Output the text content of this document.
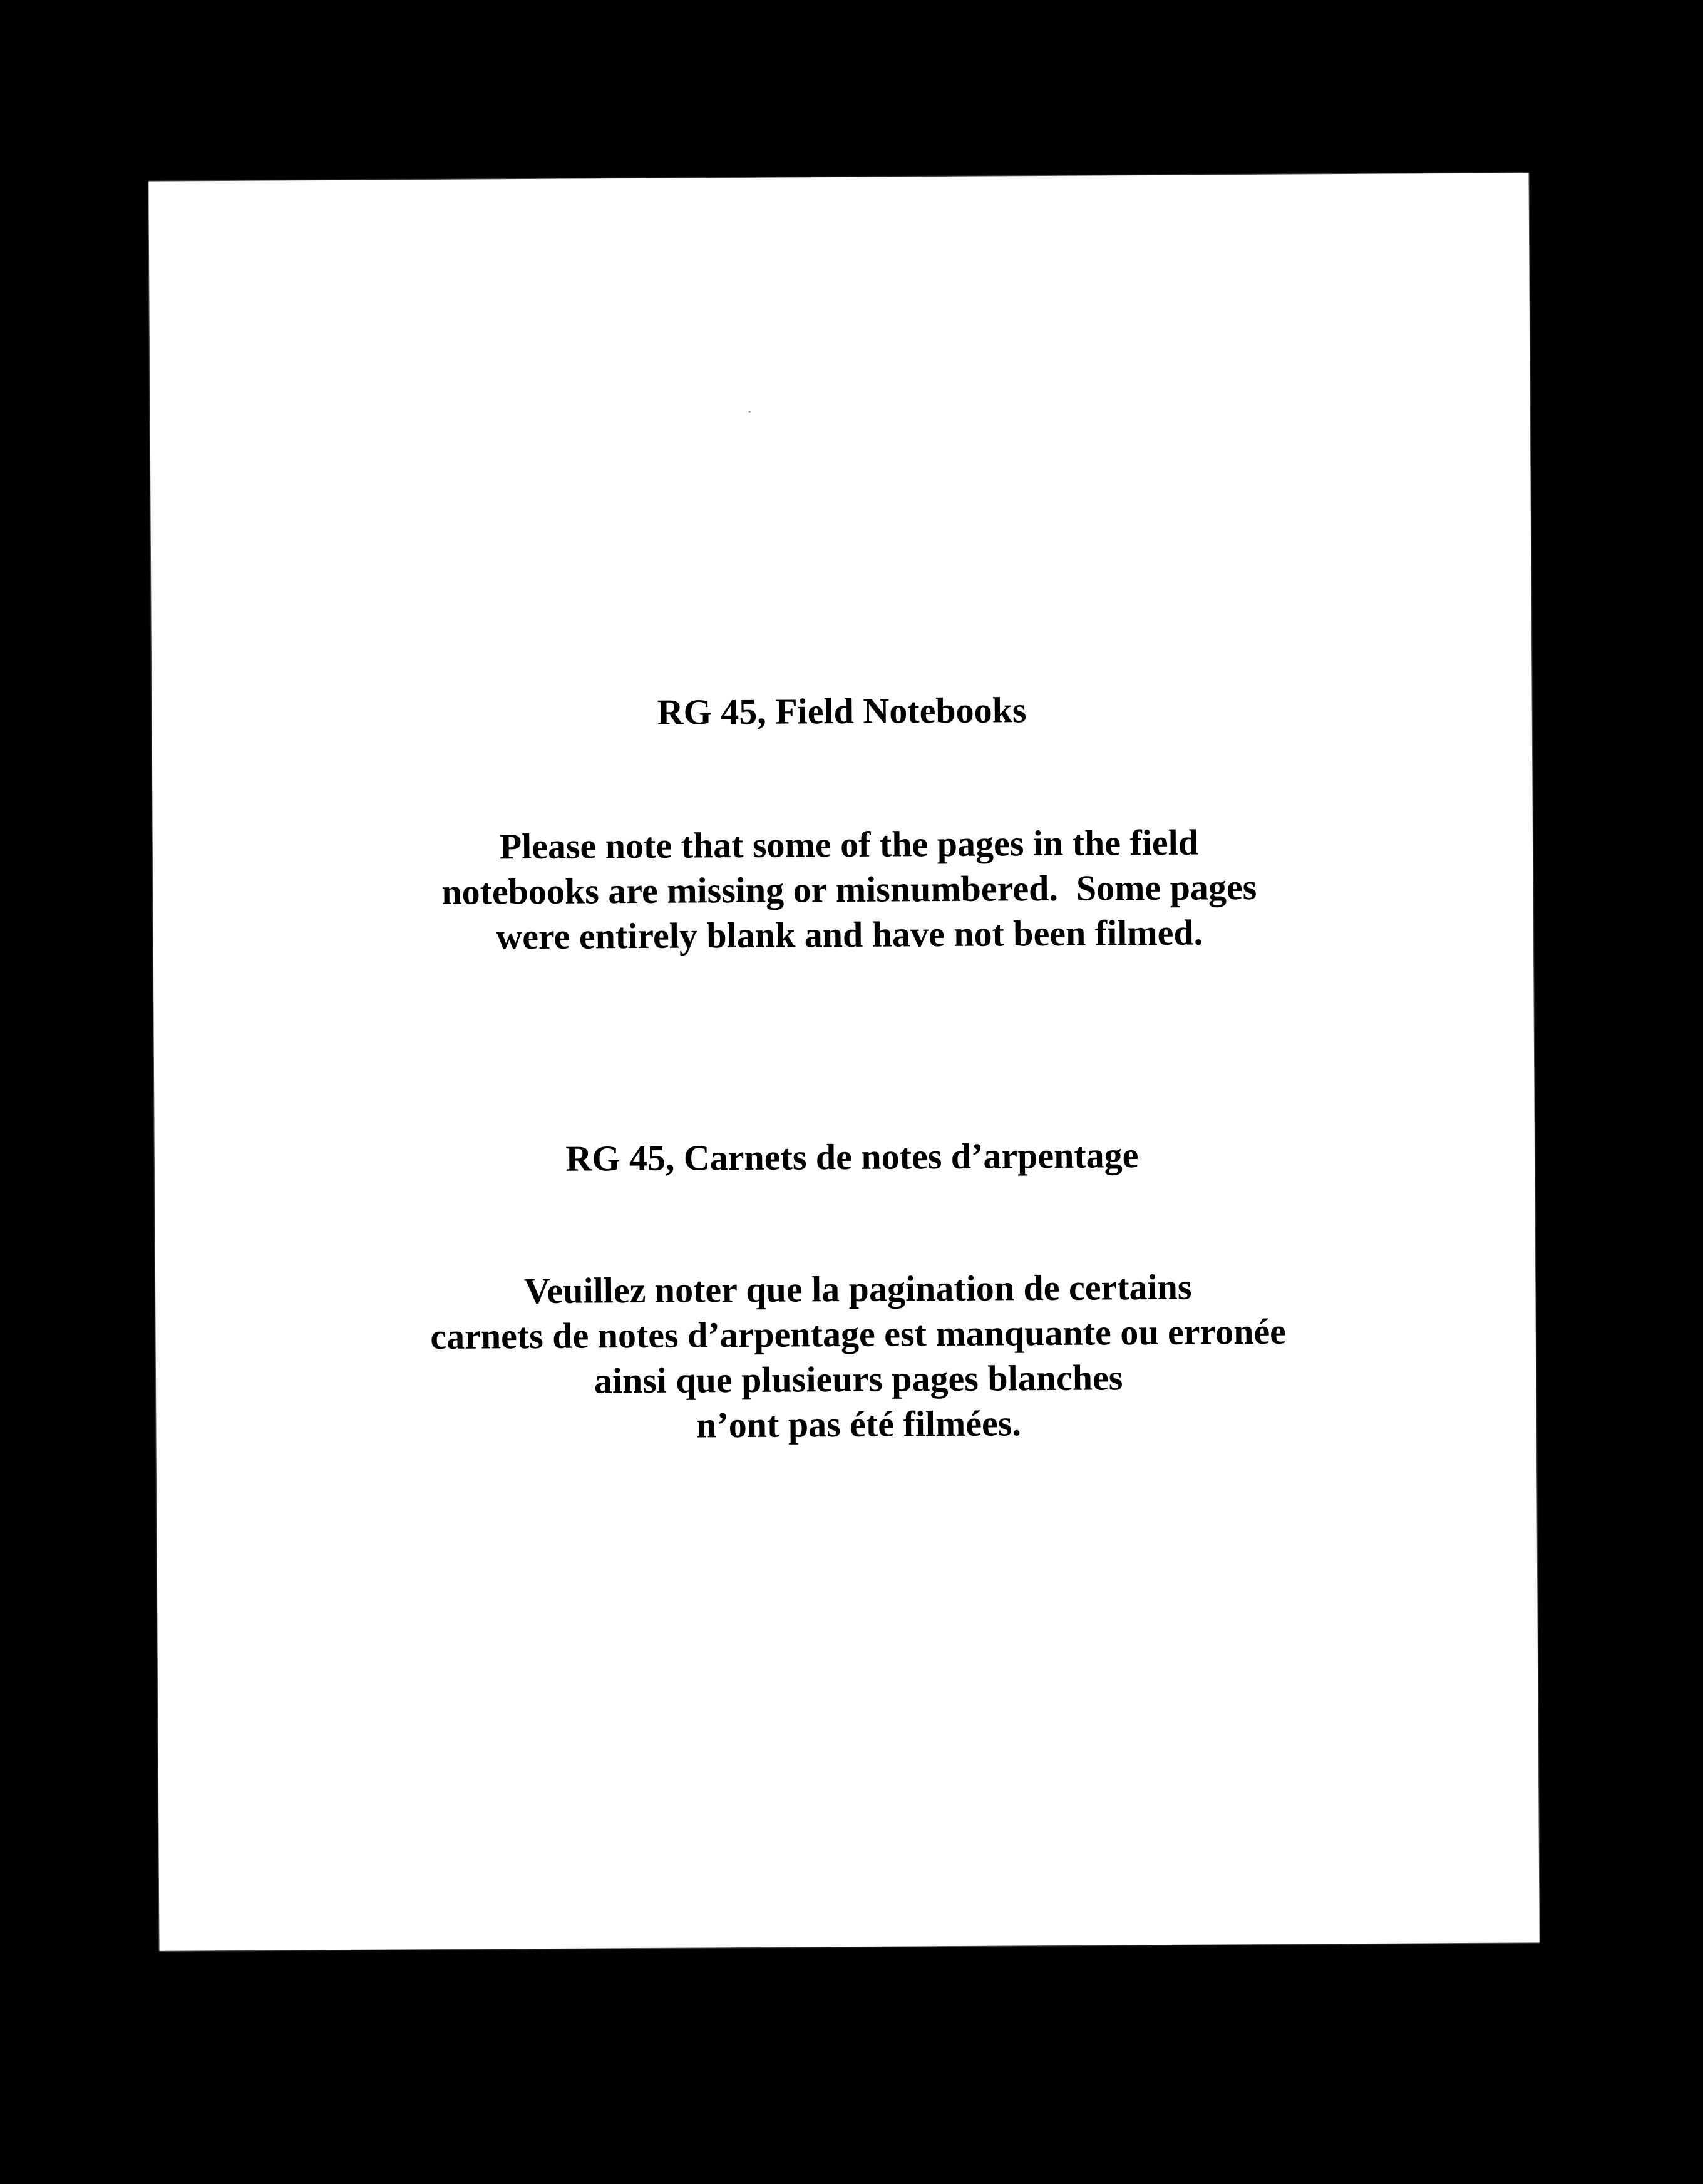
RG 45, Field Notebooks
Please note that some of the pages in the field
notebooks are missing or misnumbered.  Some pages
were entirely blank and have not been filmed.
RG 45, Carnets de notes d’arpentage
Veuillez noter que la pagination de certains
carnets de notes d’arpentage est manquante ou erronée
ainsi que plusieurs pages blanches
n’ont pas été filmées.
